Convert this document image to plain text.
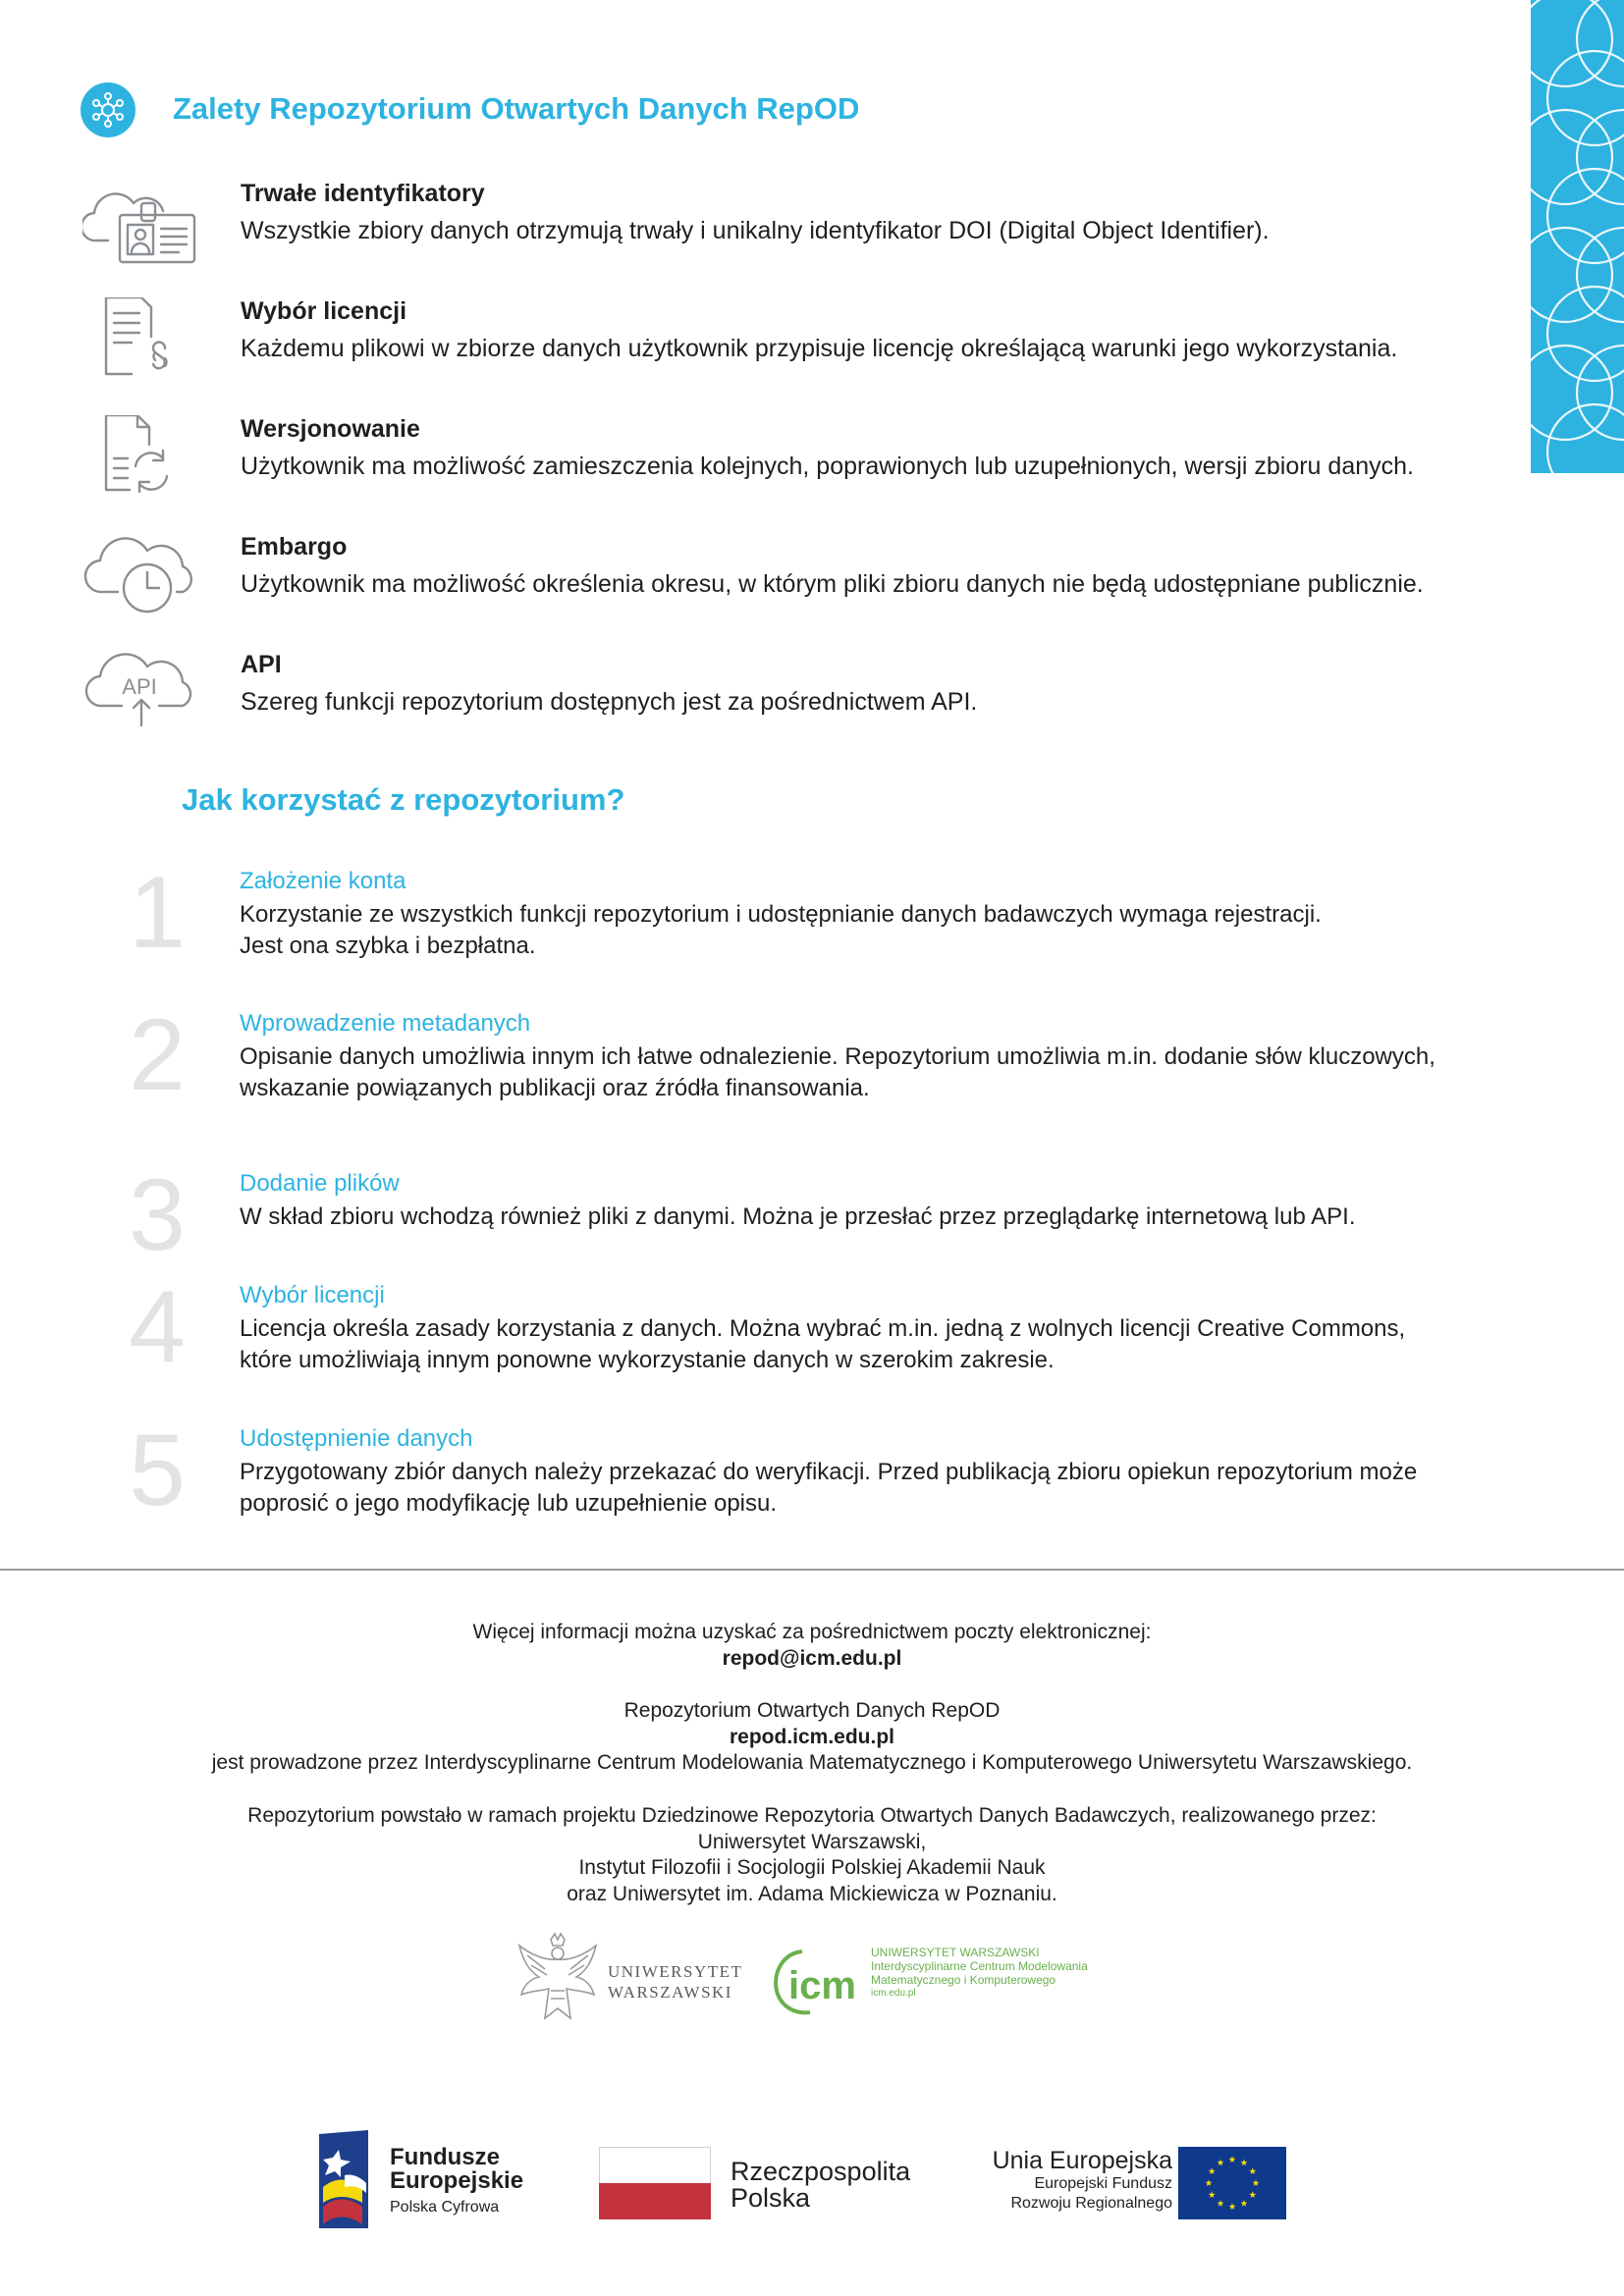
Zalety Repozytorium Otwartych Danych RepOD
Trwałe identyfikatory
Wszystkie zbiory danych otrzymują trwały i unikalny identyfikator DOI (Digital Object Identifier).
Wybór licencji
Każdemu plikowi w zbiorze danych użytkownik przypisuje licencję określającą warunki jego wykorzystania.
Wersjonowanie
Użytkownik ma możliwość zamieszczenia kolejnych, poprawionych lub uzupełnionych, wersji zbioru danych.
Embargo
Użytkownik ma możliwość określenia okresu, w którym pliki zbioru danych nie będą udostępniane publicznie.
API
API
Szereg funkcji repozytorium dostępnych jest za pośrednictwem API.
Jak korzystać z repozytorium?
1 Założenie konta
Korzystanie ze wszystkich funkcji repozytorium i udostępnianie danych badawczych wymaga rejestracji.
Jest ona szybka i bezpłatna.
2 Wprowadzenie metadanych
Opisanie danych umożliwia innym ich łatwe odnalezienie. Repozytorium umożliwia m.in. dodanie słów kluczowych,
wskazanie powiązanych publikacji oraz źródła finansowania.
3 Dodanie plików
W skład zbioru wchodzą również pliki z danymi. Można je przesłać przez przeglądarkę internetową lub API.
4 Wybór licencji
Licencja określa zasady korzystania z danych. Można wybrać m.in. jedną z wolnych licencji Creative Commons,
które umożliwiają innym ponowne wykorzystanie danych w szerokim zakresie.
5 Udostępnienie danych
Przygotowany zbiór danych należy przekazać do weryfikacji. Przed publikacją zbioru opiekun repozytorium może
poprosić o jego modyfikację lub uzupełnienie opisu.
Więcej informacji można uzyskać za pośrednictwem poczty elektronicznej:
repod@icm.edu.pl
Repozytorium Otwartych Danych RepOD
repod.icm.edu.pl
jest prowadzone przez Interdyscyplinarne Centrum Modelowania Matematycznego i Komputerowego Uniwersytetu Warszawskiego.
Repozytorium powstało w ramach projektu Dziedzinowe Repozytoria Otwartych Danych Badawczych, realizowanego przez:
Uniwersytet Warszawski,
Instytut Filozofii i Socjologii Polskiej Akademii Nauk
oraz Uniwersytet im. Adama Mickiewicza w Poznaniu.
UNIWERSYTET
WARSZAWSKI icm
UNIWERSYTET WARSZAWSKI
Interdyscyplinarne Centrum Modelowania
Matematycznego i Komputerowego
icm.edu.pl
Fundusze
Europejskie
Polska Cyfrowa
Rzeczpospolita
Polska
Unia Europejska
Europejski Fundusz
Rozwoju Regionalnego
